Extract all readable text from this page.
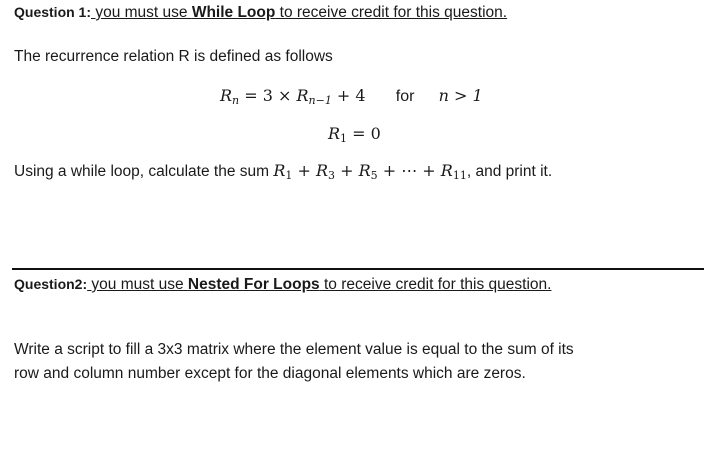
Question 1: you must use While Loop to receive credit for this question.
The recurrence relation R is defined as follows
$R_n = 3 \times R_{n-1} + 4$ for n > 1
$R_1 = 0$
Using a while loop, calculate the sum $R_1 + R_3 + R_5$ + ⋯ + $R_{11}$, and print it.
Question2: you must use Nested For Loops to receive credit for this question.
Write a script to fill a 3x3 matrix where the element value is equal to the sum of its
row and column number except for the diagonal elements which are zeros.
